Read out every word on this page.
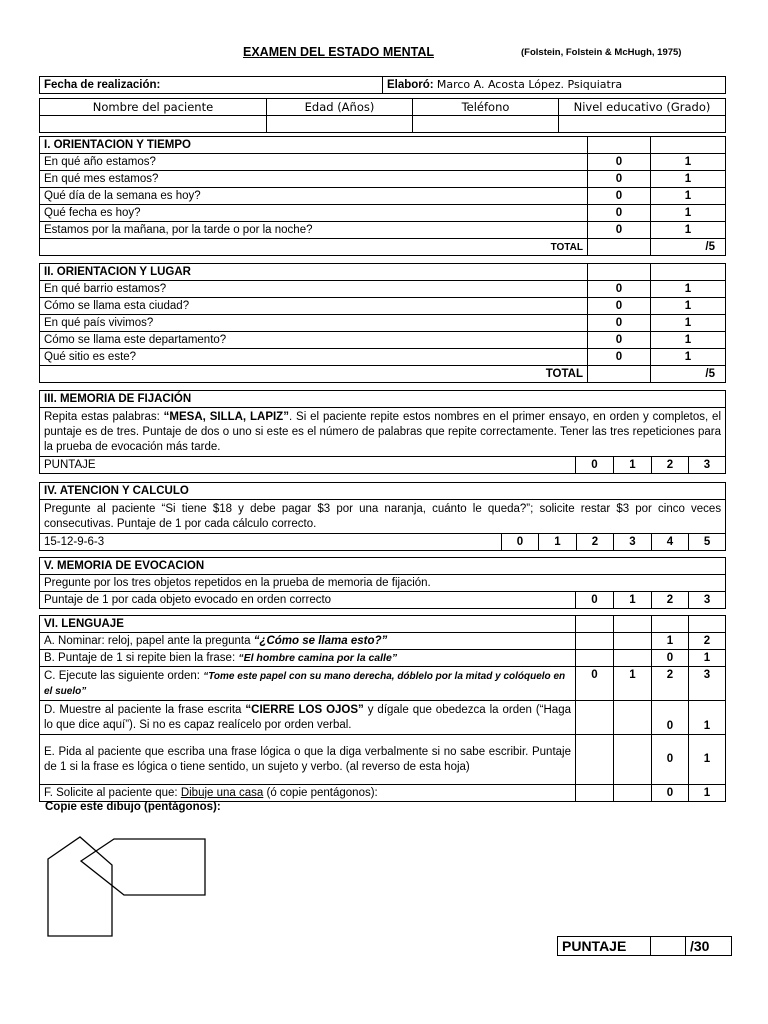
EXAMEN DEL ESTADO MENTAL	(Folstein, Folstein & McHugh, 1975)
Fecha de realización:	Elaboró: Marco A. Acosta López. Psiquiatra
Nombre del paciente	Edad (Años)	Teléfono	Nivel educativo (Grado)

I. ORIENTACION Y TIEMPO		
En qué año estamos?	0	1
En qué mes estamos?	0	1
Qué día de la semana es hoy?	0	1
Qué fecha es hoy?	0	1
Estamos por la mañana, por la tarde o por la noche?	0	1
TOTAL		/5
II. ORIENTACION Y LUGAR		
En qué barrio estamos?	0	1
Cómo se llama esta ciudad?	0	1
En qué país vivimos?	0	1
Cómo se llama este departamento?	0	1
Qué sitio es este?	0	1
TOTAL		/5
III. MEMORIA DE FIJACIÓN
Repita estas palabras: “MESA, SILLA, LAPIZ”. Si el paciente repite estos nombres en el primer ensayo, en orden y completos, el puntaje es de tres. Puntaje de dos o uno si este es el número de palabras que repite correctamente. Tener las tres repeticiones para la prueba de evocación más tarde.
PUNTAJE	0	1	2	3
IV. ATENCION Y CALCULO
Pregunte al paciente “Si tiene $18 y debe pagar $3 por una naranja, cuánto le queda?”; solicite restar $3 por cinco veces consecutivas. Puntaje de 1 por cada cálculo correcto.
15-12-9-6-3	0	1	2	3	4	5
V. MEMORIA DE EVOCACION
Pregunte por los tres objetos repetidos en la prueba de memoria de fijación.
Puntaje de 1 por cada objeto evocado en orden correcto	0	1	2	3
VI. LENGUAJE				
A. Nominar: reloj, papel ante la pregunta “¿Cómo se llama esto?”			1	2
B. Puntaje de 1 si repite bien la frase: “El hombre camina por la calle”			0	1
C. Ejecute las siguiente orden: “Tome este papel con su mano derecha, dóblelo por la mitad y colóquelo en el suelo”	0	1	2	3
D. Muestre al paciente la frase escrita “CIERRE LOS OJOS” y dígale que obedezca la orden (“Haga lo que dice aquí”). Si no es capaz realícelo por orden verbal.			0	1
E. Pida al paciente que escriba una frase lógica o que la diga verbalmente si no sabe escribir. Puntaje de 1 si la frase es lógica o tiene sentido, un sujeto y verbo. (al reverso de esta hoja)			0	1
F. Solicite al paciente que: Dibuje una casa (ó copie pentágonos):			0	1
Copie este dibujo (pentágonos):
PUNTAJE		/30
